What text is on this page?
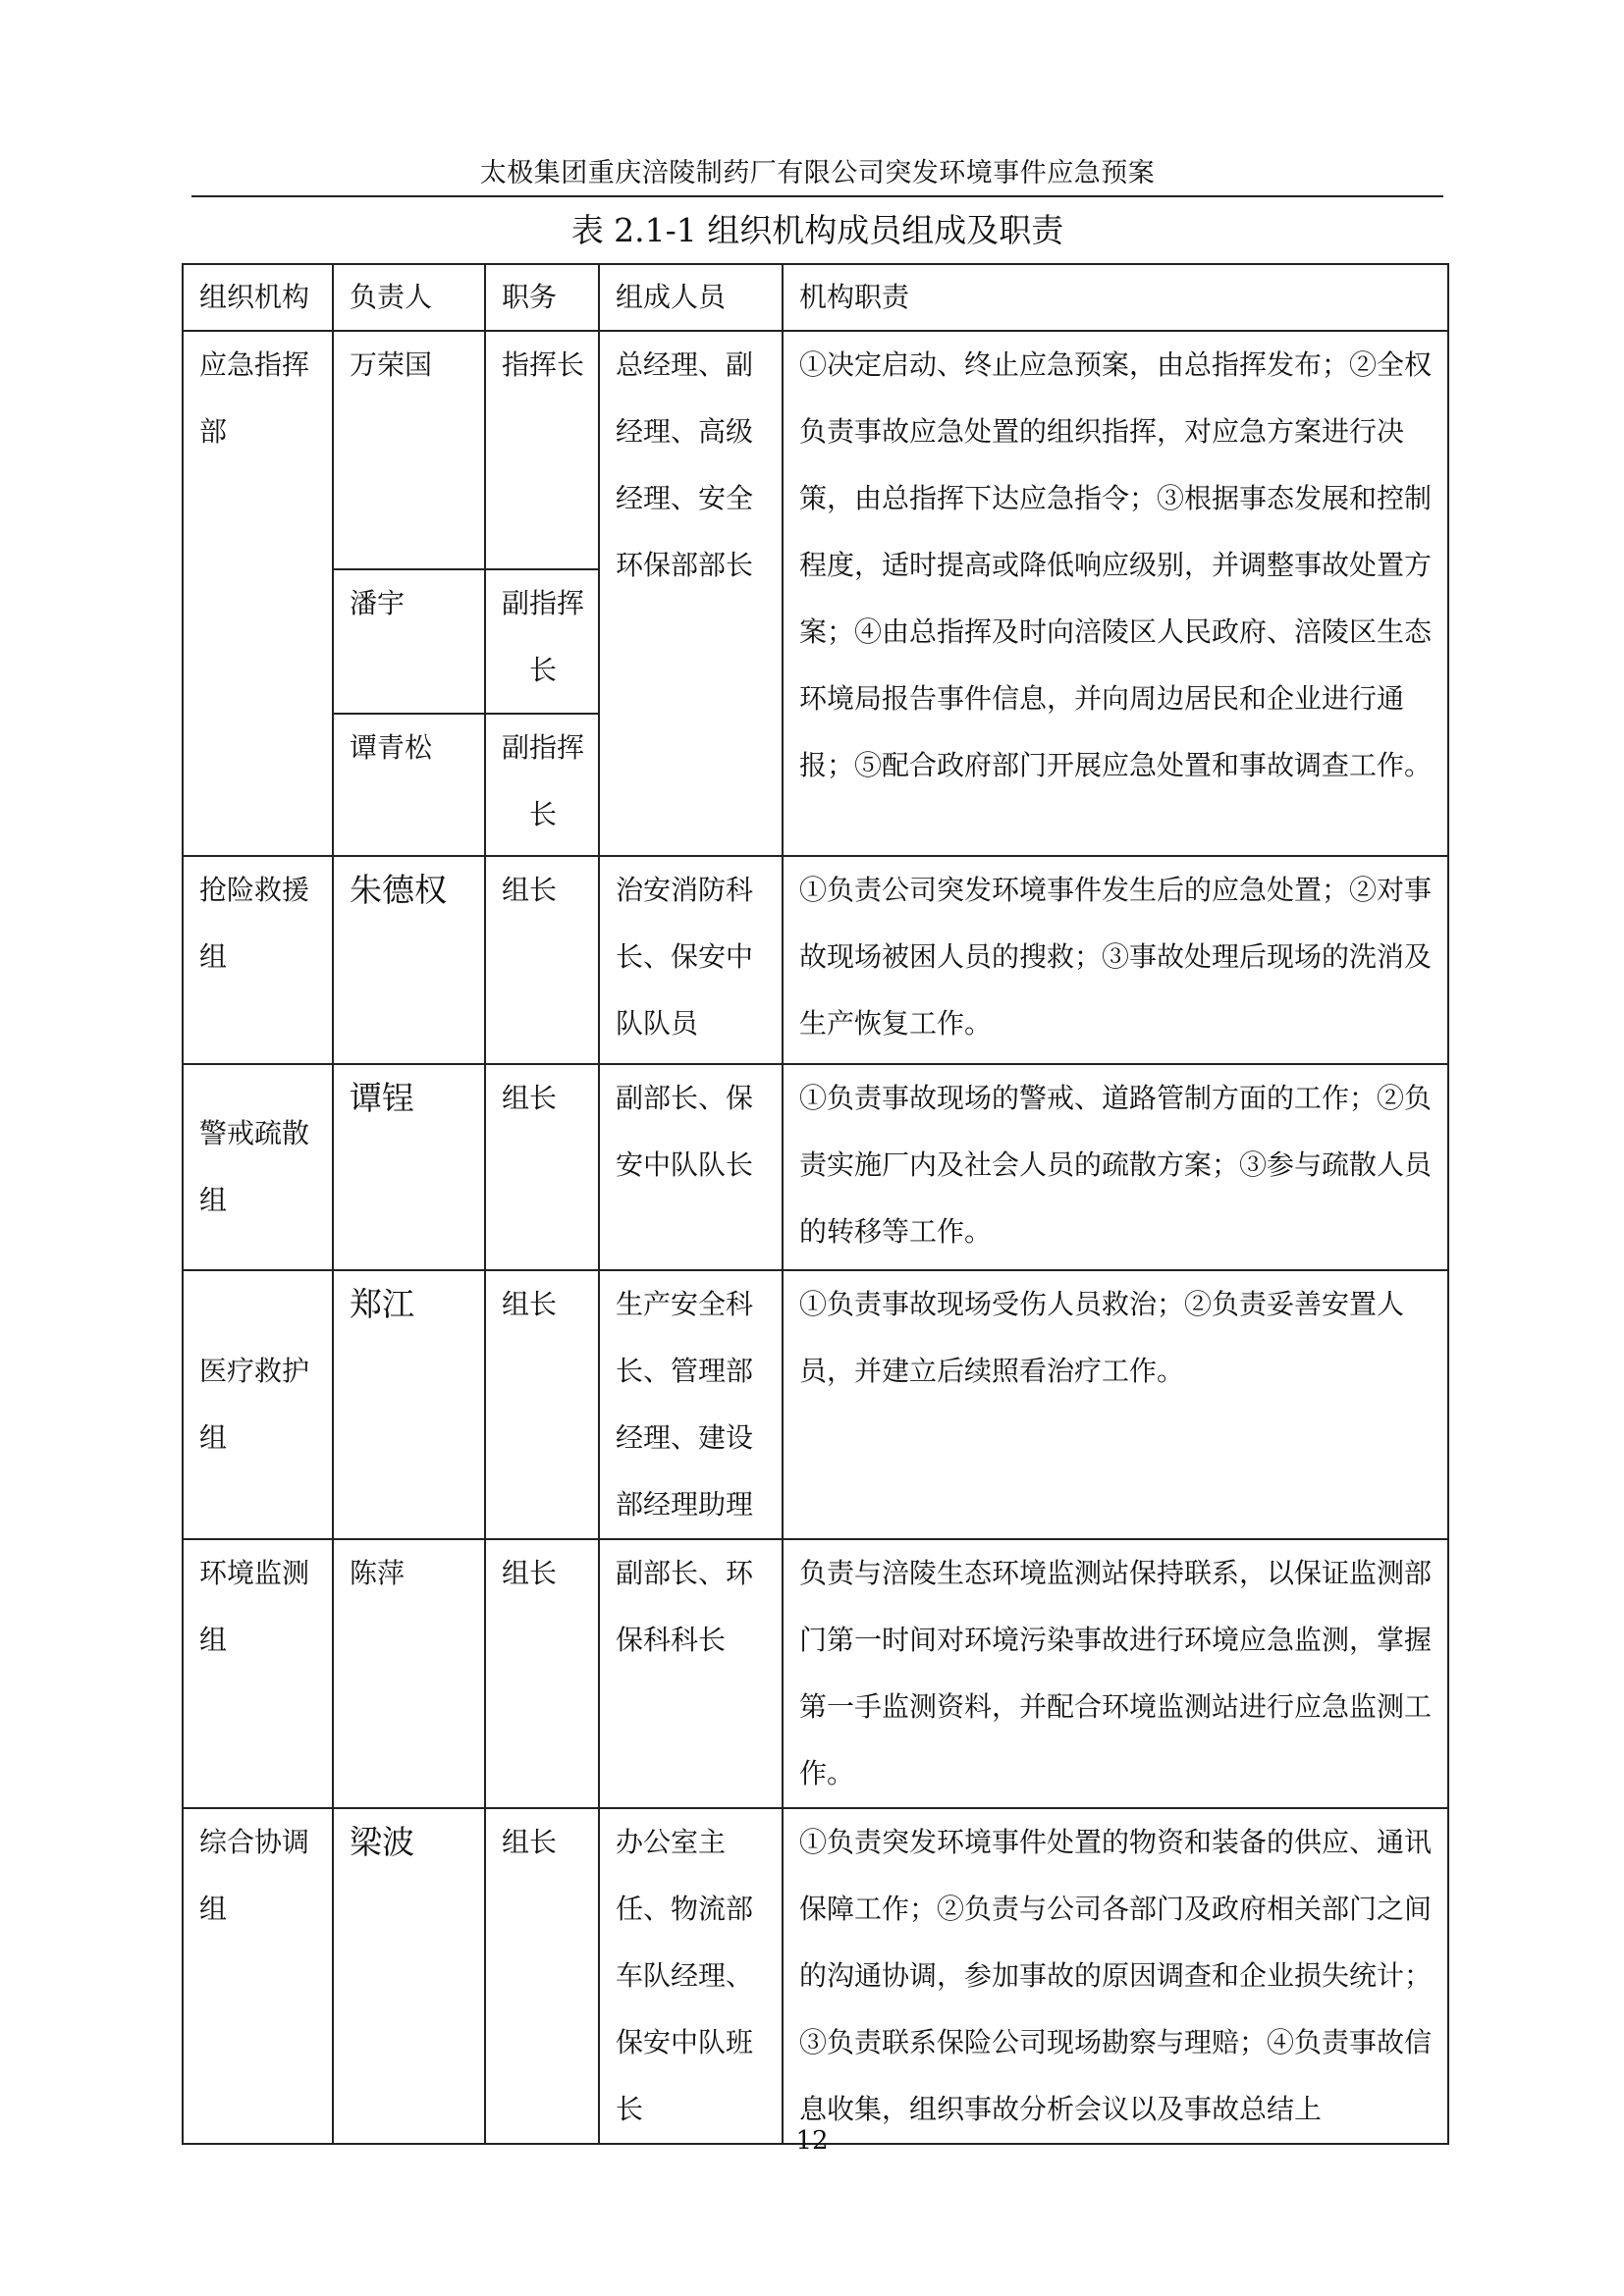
太极集团重庆涪陵制药厂有限公司突发环境事件应急预案
表 2.1-1 组织机构成员组成及职责
组织机构	负责人	职务	组成人员	机构职责
应急指挥部	万荣国	指挥长	总经理、副经理、高级经理、安全环保部部长	①决定启动、终止应急预案，由总指挥发布；②全权负责事故应急处置的组织指挥，对应急方案进行决策，由总指挥下达应急指令；③根据事态发展和控制程度，适时提高或降低响应级别，并调整事故处置方案；④由总指挥及时向涪陵区人民政府、涪陵区生态环境局报告事件信息，并向周边居民和企业进行通报；⑤配合政府部门开展应急处置和事故调查工作。
	潘宇	副指挥长		
	谭青松	副指挥长		
抢险救援组	朱德权	组长	治安消防科长、保安中队队员	①负责公司突发环境事件发生后的应急处置；②对事故现场被困人员的搜救；③事故处理后现场的洗消及生产恢复工作。
警戒疏散组	谭锃	组长	副部长、保安中队队长	①负责事故现场的警戒、道路管制方面的工作；②负责实施厂内及社会人员的疏散方案；③参与疏散人员的转移等工作。
医疗救护组	郑江	组长	生产安全科长、管理部经理、建设部经理助理	①负责事故现场受伤人员救治；②负责妥善安置人员，并建立后续照看治疗工作。
环境监测组	陈萍	组长	副部长、环保科科长	负责与涪陵生态环境监测站保持联系，以保证监测部门第一时间对环境污染事故进行环境应急监测，掌握第一手监测资料，并配合环境监测站进行应急监测工作。
综合协调组	梁波	组长	办公室主任、物流部车队经理、保安中队班长	①负责突发环境事件处置的物资和装备的供应、通讯保障工作；②负责与公司各部门及政府相关部门之间的沟通协调，参加事故的原因调查和企业损失统计；③负责联系保险公司现场勘察与理赔；④负责事故信息收集，组织事故分析会议以及事故总结上
12
